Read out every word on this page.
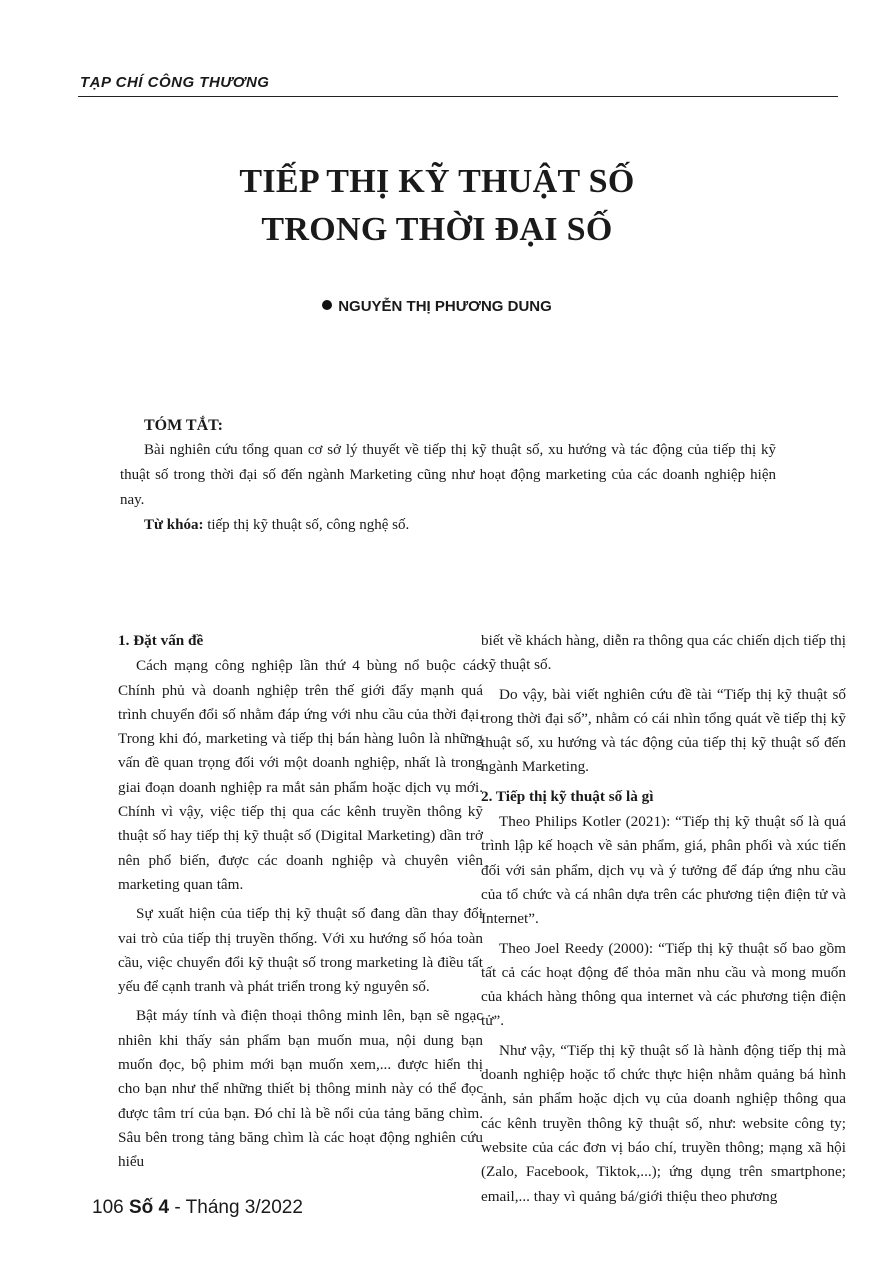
TẠP CHÍ CÔNG THƯƠNG
TIẾP THỊ KỸ THUẬT SỐ
TRONG THỜI ĐẠI SỐ
NGUYỄN THỊ PHƯƠNG DUNG
TÓM TẮT:

Bài nghiên cứu tổng quan cơ sở lý thuyết về tiếp thị kỹ thuật số, xu hướng và tác động của tiếp thị kỹ thuật số trong thời đại số đến ngành Marketing cũng như hoạt động marketing của các doanh nghiệp hiện nay.

Từ khóa: tiếp thị kỹ thuật số, công nghệ số.

1. Đặt vấn đề

Cách mạng công nghiệp lần thứ 4 bùng nổ buộc các Chính phủ và doanh nghiệp trên thế giới đẩy mạnh quá trình chuyển đổi số nhằm đáp ứng với nhu cầu của thời đại. Trong khi đó, marketing và tiếp thị bán hàng luôn là những vấn đề quan trọng đối với một doanh nghiệp, nhất là trong giai đoạn doanh nghiệp ra mắt sản phẩm hoặc dịch vụ mới. Chính vì vậy, việc tiếp thị qua các kênh truyền thông kỹ thuật số hay tiếp thị kỹ thuật số (Digital Marketing) dần trở nên phổ biến, được các doanh nghiệp và chuyên viên marketing quan tâm.

Sự xuất hiện của tiếp thị kỹ thuật số đang dần thay đổi vai trò của tiếp thị truyền thống. Với xu hướng số hóa toàn cầu, việc chuyển đổi kỹ thuật số trong marketing là điều tất yếu để cạnh tranh và phát triển trong kỷ nguyên số.

Bật máy tính và điện thoại thông minh lên, bạn sẽ ngạc nhiên khi thấy sản phẩm bạn muốn mua, nội dung bạn muốn đọc, bộ phim mới bạn muốn xem,... được hiển thị cho bạn như thể những thiết bị thông minh này có thể đọc được tâm trí của bạn. Đó chỉ là bề nổi của tảng băng chìm. Sâu bên trong tảng băng chìm là các hoạt động nghiên cứu hiểu

biết về khách hàng, diễn ra thông qua các chiến dịch tiếp thị kỹ thuật số.

Do vậy, bài viết nghiên cứu đề tài “Tiếp thị kỹ thuật số trong thời đại số”, nhằm có cái nhìn tổng quát về tiếp thị kỹ thuật số, xu hướng và tác động của tiếp thị kỹ thuật số đến ngành Marketing.

2. Tiếp thị kỹ thuật số là gì

Theo Philips Kotler (2021): “Tiếp thị kỹ thuật số là quá trình lập kế hoạch về sản phẩm, giá, phân phối và xúc tiến đối với sản phẩm, dịch vụ và ý tưởng để đáp ứng nhu cầu của tổ chức và cá nhân dựa trên các phương tiện điện tử và Internet”.

Theo Joel Reedy (2000): “Tiếp thị kỹ thuật số bao gồm tất cả các hoạt động để thỏa mãn nhu cầu và mong muốn của khách hàng thông qua internet và các phương tiện điện tử”.

Như vậy, “Tiếp thị kỹ thuật số là hành động tiếp thị mà doanh nghiệp hoặc tổ chức thực hiện nhằm quảng bá hình ảnh, sản phẩm hoặc dịch vụ của doanh nghiệp thông qua các kênh truyền thông kỹ thuật số, như: website công ty; website của các đơn vị báo chí, truyền thông; mạng xã hội (Zalo, Facebook, Tiktok,...); ứng dụng trên smartphone; email,... thay vì quảng bá/giới thiệu theo phương

106 Số 4 - Tháng 3/2022
